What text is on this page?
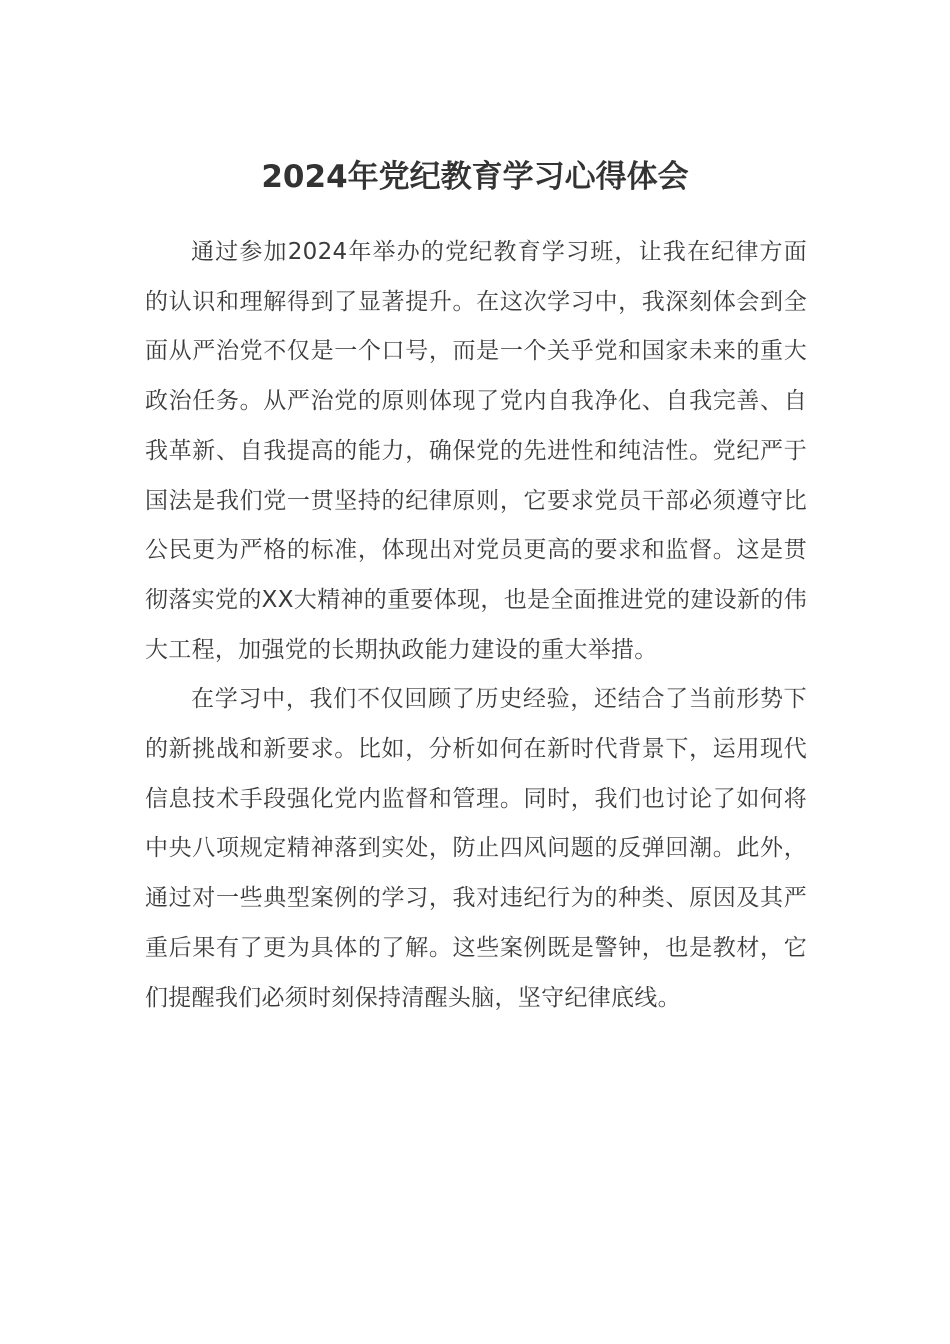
2024年党纪教育学习心得体会

通过参加2024年举办的党纪教育学习班，让我在纪律方面的认识和理解得到了显著提升。在这次学习中，我深刻体会到全面从严治党不仅是一个口号，而是一个关乎党和国家未来的重大政治任务。从严治党的原则体现了党内自我净化、自我完善、自我革新、自我提高的能力，确保党的先进性和纯洁性。党纪严于国法是我们党一贯坚持的纪律原则，它要求党员干部必须遵守比公民更为严格的标准，体现出对党员更高的要求和监督。这是贯彻落实党的XX大精神的重要体现，也是全面推进党的建设新的伟大工程，加强党的长期执政能力建设的重大举措。

在学习中，我们不仅回顾了历史经验，还结合了当前形势下的新挑战和新要求。比如，分析如何在新时代背景下，运用现代信息技术手段强化党内监督和管理。同时，我们也讨论了如何将中央八项规定精神落到实处，防止四风问题的反弹回潮。此外，通过对一些典型案例的学习，我对违纪行为的种类、原因及其严重后果有了更为具体的了解。这些案例既是警钟，也是教材，它们提醒我们必须时刻保持清醒头脑，坚守纪律底线。
